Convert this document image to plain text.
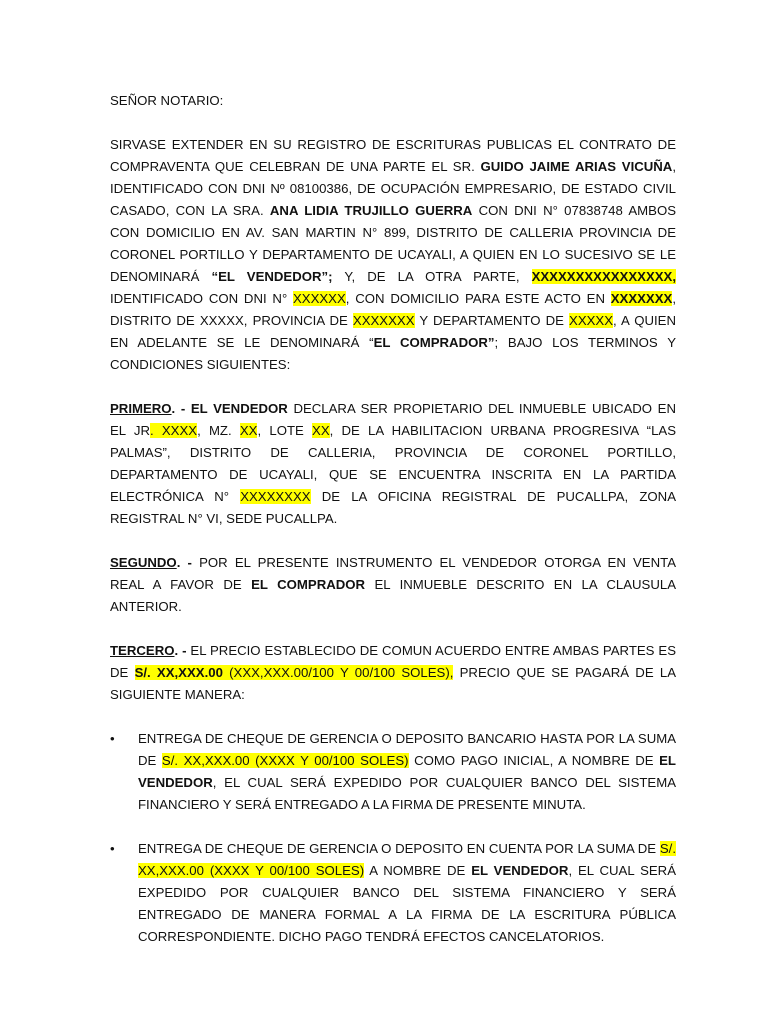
SEÑOR NOTARIO:

SIRVASE EXTENDER EN SU REGISTRO DE ESCRITURAS PUBLICAS EL CONTRATO DE COMPRAVENTA QUE CELEBRAN DE UNA PARTE EL SR. GUIDO JAIME ARIAS VICUÑA, IDENTIFICADO CON DNI Nº 08100386, DE OCUPACIÓN EMPRESARIO, DE ESTADO CIVIL CASADO, CON LA SRA. ANA LIDIA TRUJILLO GUERRA CON DNI N° 07838748 AMBOS CON DOMICILIO EN AV. SAN MARTIN N° 899, DISTRITO DE CALLERIA PROVINCIA DE CORONEL PORTILLO Y DEPARTAMENTO DE UCAYALI, A QUIEN EN LO SUCESIVO SE LE DENOMINARÁ “EL VENDEDOR”; Y, DE LA OTRA PARTE, XXXXXXXXXXXXXXXX, IDENTIFICADO CON DNI N° XXXXXX, CON DOMICILIO PARA ESTE ACTO EN XXXXXXX, DISTRITO DE XXXXX, PROVINCIA DE XXXXXXX Y DEPARTAMENTO DE XXXXX, A QUIEN EN ADELANTE SE LE DENOMINARÁ “EL COMPRADOR”; BAJO LOS TERMINOS Y CONDICIONES SIGUIENTES:

PRIMERO. - EL VENDEDOR DECLARA SER PROPIETARIO DEL INMUEBLE UBICADO EN EL JR. XXXX, MZ. XX, LOTE XX, DE LA HABILITACION URBANA PROGRESIVA “LAS PALMAS”, DISTRITO DE CALLERIA, PROVINCIA DE CORONEL PORTILLO, DEPARTAMENTO DE UCAYALI, QUE SE ENCUENTRA INSCRITA EN LA PARTIDA ELECTRÓNICA N° XXXXXXXX DE LA OFICINA REGISTRAL DE PUCALLPA, ZONA REGISTRAL N° VI, SEDE PUCALLPA.

SEGUNDO. - POR EL PRESENTE INSTRUMENTO EL VENDEDOR OTORGA EN VENTA REAL A FAVOR DE EL COMPRADOR EL INMUEBLE DESCRITO EN LA CLAUSULA ANTERIOR.

TERCERO. - EL PRECIO ESTABLECIDO DE COMUN ACUERDO ENTRE AMBAS PARTES ES DE S/. XX,XXX.00 (XXX,XXX.00/100 Y 00/100 SOLES), PRECIO QUE SE PAGARÁ DE LA SIGUIENTE MANERA:

•	ENTREGA DE CHEQUE DE GERENCIA O DEPOSITO BANCARIO HASTA POR LA SUMA DE S/. XX,XXX.00 (XXXX Y 00/100 SOLES) COMO PAGO INICIAL, A NOMBRE DE EL VENDEDOR, EL CUAL SERÁ EXPEDIDO POR CUALQUIER BANCO DEL SISTEMA FINANCIERO Y SERÁ ENTREGADO A LA FIRMA DE PRESENTE MINUTA.
•	ENTREGA DE CHEQUE DE GERENCIA O DEPOSITO EN CUENTA POR LA SUMA DE S/. XX,XXX.00 (XXXX Y 00/100 SOLES) A NOMBRE DE EL VENDEDOR, EL CUAL SERÁ EXPEDIDO POR CUALQUIER BANCO DEL SISTEMA FINANCIERO Y SERÁ ENTREGADO DE MANERA FORMAL A LA FIRMA DE LA ESCRITURA PÚBLICA CORRESPONDIENTE. DICHO PAGO TENDRÁ EFECTOS CANCELATORIOS.
